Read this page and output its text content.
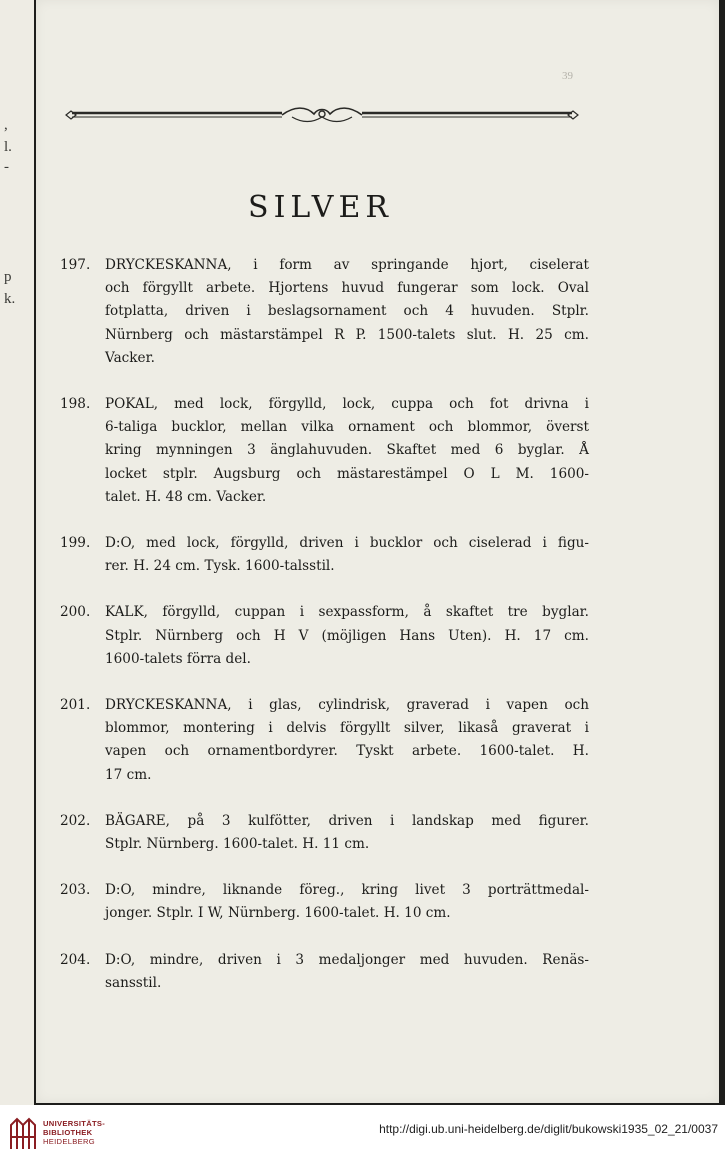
,
l.
-
p
k.
39
SILVER
197. DRYCKESKANNA, i form av springande hjort, ciselerat
och förgyllt arbete. Hjortens huvud fungerar som lock. Oval
fotplatta, driven i beslagsornament och 4 huvuden. Stplr.
Nürnberg och mästarstämpel R P. 1500-talets slut. H. 25 cm.
Vacker.
198. POKAL, med lock, förgylld, lock, cuppa och fot drivna i
6-taliga bucklor, mellan vilka ornament och blommor, överst
kring mynningen 3 änglahuvuden. Skaftet med 6 byglar. Å
locket stplr. Augsburg och mästarestämpel O L M. 1600-
talet. H. 48 cm. Vacker.
199. D:O, med lock, förgylld, driven i bucklor och ciselerad i figu-
rer. H. 24 cm. Tysk. 1600-talsstil.
200. KALK, förgylld, cuppan i sexpassform, å skaftet tre byglar.
Stplr. Nürnberg och H V (möjligen Hans Uten). H. 17 cm.
1600-talets förra del.
201. DRYCKESKANNA, i glas, cylindrisk, graverad i vapen och
blommor, montering i delvis förgyllt silver, likaså graverat i
vapen och ornamentbordyrer. Tyskt arbete. 1600-talet. H.
17 cm.
202. BÄGARE, på 3 kulfötter, driven i landskap med figurer.
Stplr. Nürnberg. 1600-talet. H. 11 cm.
203. D:O, mindre, liknande föreg., kring livet 3 porträttmedal-
jonger. Stplr. I W, Nürnberg. 1600-talet. H. 10 cm.
204. D:O, mindre, driven i 3 medaljonger med huvuden. Renäs-
sansstil.
UNIVERSITÄTS-
BIBLIOTHEK
HEIDELBERG
http://digi.ub.uni-heidelberg.de/diglit/bukowski1935_02_21/0037
